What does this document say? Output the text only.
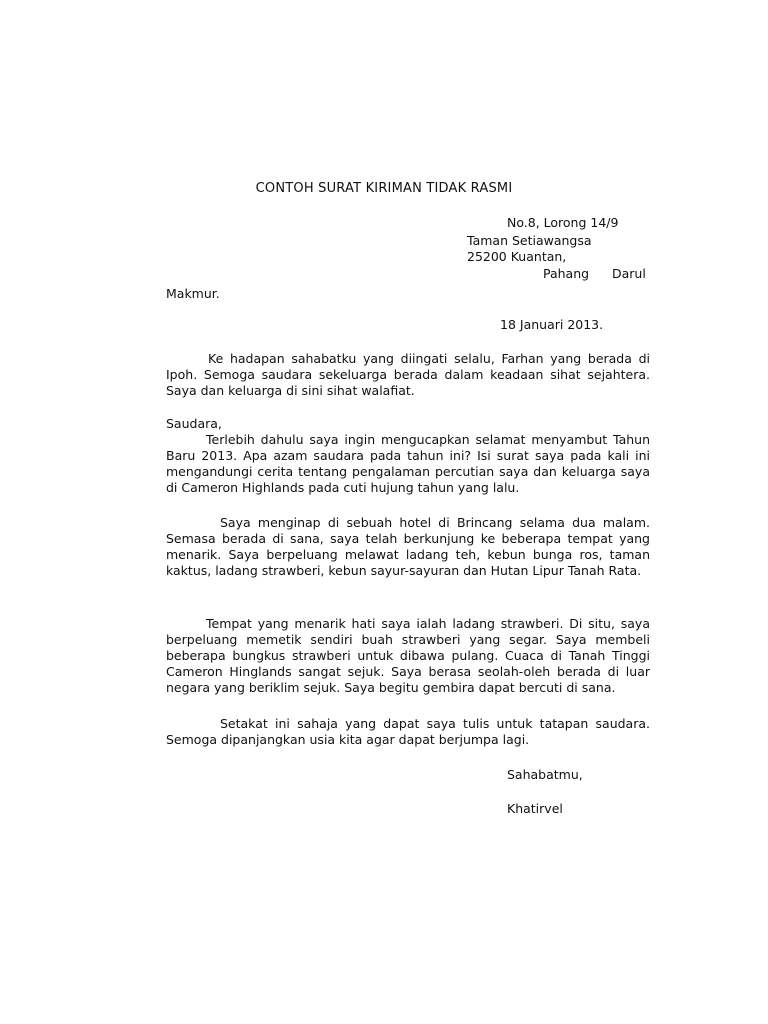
CONTOH SURAT KIRIMAN TIDAK RASMI
No.8, Lorong 14/9
Taman Setiawangsa
25200 Kuantan,
Pahang Darul
Makmur.
18 Januari 2013.

Ke hadapan sahabatku yang diingati selalu, Farhan yang berada di Ipoh. Semoga saudara sekeluarga berada dalam keadaan sihat sejahtera. Saya dan keluarga di sini sihat walafiat.

Saudara,

Terlebih dahulu saya ingin mengucapkan selamat menyambut Tahun Baru 2013. Apa azam saudara pada tahun ini? Isi surat saya pada kali ini mengandungi cerita tentang pengalaman percutian saya dan keluarga saya di Cameron Highlands pada cuti hujung tahun yang lalu.

Saya menginap di sebuah hotel di Brincang selama dua malam. Semasa berada di sana, saya telah berkunjung ke beberapa tempat yang menarik. Saya berpeluang melawat ladang teh, kebun bunga ros, taman kaktus, ladang strawberi, kebun sayur-sayuran dan Hutan Lipur Tanah Rata.

Tempat yang menarik hati saya ialah ladang strawberi. Di situ, saya berpeluang memetik sendiri buah strawberi yang segar. Saya membeli beberapa bungkus strawberi untuk dibawa pulang. Cuaca di Tanah Tinggi Cameron Hinglands sangat sejuk. Saya berasa seolah-oleh berada di luar negara yang beriklim sejuk. Saya begitu gembira dapat bercuti di sana.

Setakat ini sahaja yang dapat saya tulis untuk tatapan saudara. Semoga dipanjangkan usia kita agar dapat berjumpa lagi.

Sahabatmu,
Khatirvel
